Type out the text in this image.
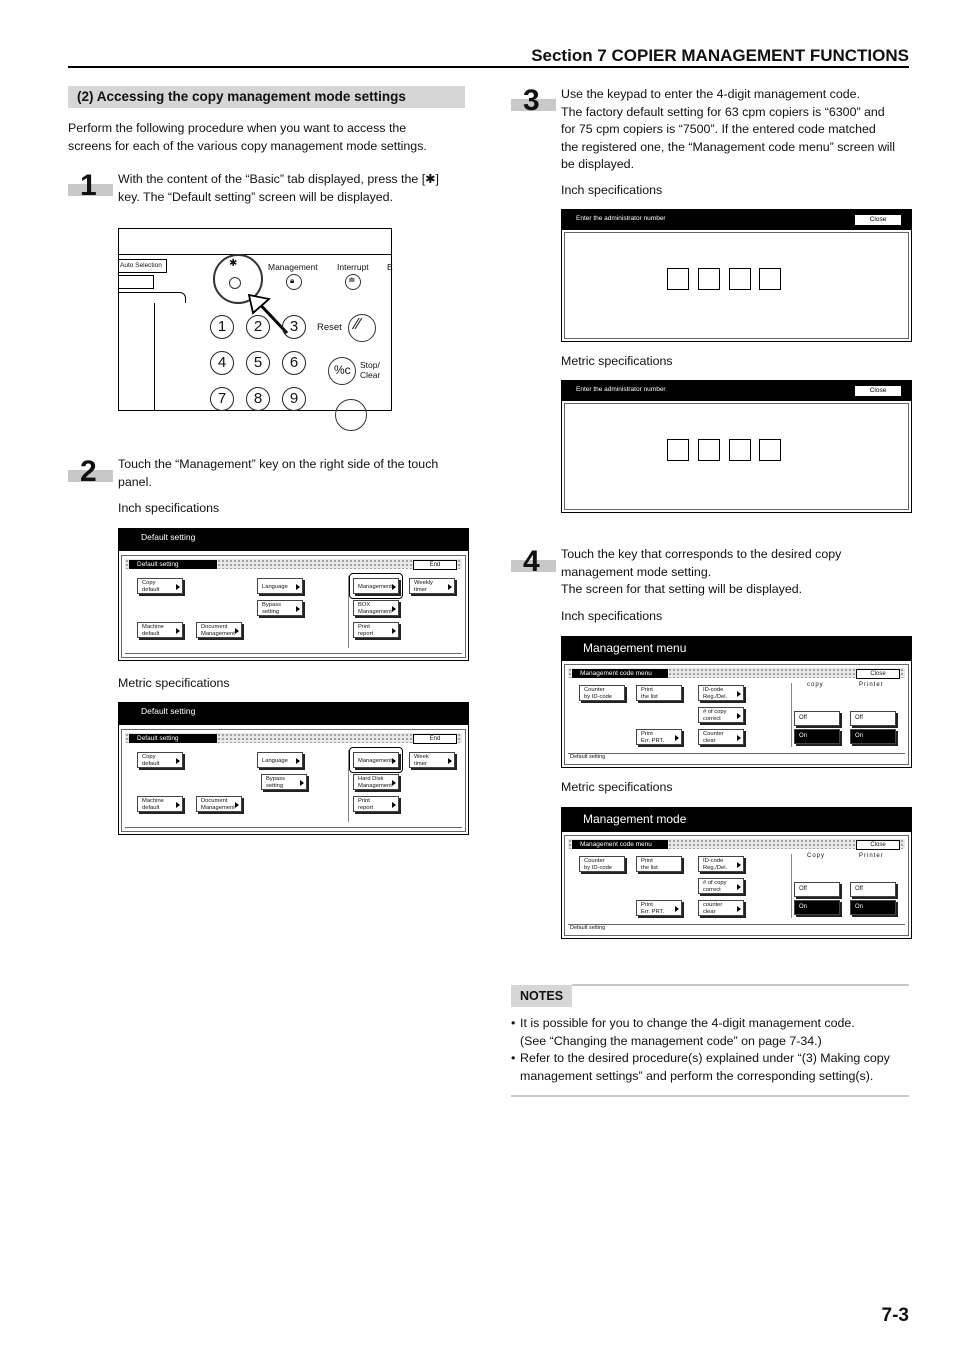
Section 7 COPIER MANAGEMENT FUNCTIONS
(2) Accessing the copy management mode settings
Perform the following procedure when you want to access the
screens for each of the various copy management mode settings.
1 With the content of the “Basic” tab displayed, press the [✱]
key. The “Default setting” screen will be displayed.
Auto Selection	✱	Management
🔒︎
Interrupt
≐
E
1	2	3
4	5	6
7	8	9
Reset ∕∕
%c Stop/
Clear
2 Touch the “Management” key on the right side of the touch
panel.
Inch specifications
Default setting
Default setting	End
Copy
default	Language	Management
Weekly
timer
Bypass
setting
BOX
Management
Machine
default
Document
Management
Print
report
Metric specifications
Default setting
Default setting	End
Copy
default	Language	Management
Week
timer
Bypass
setting
Hard Disk
Management
Machine
default
Document
Management
Print
report
3 Use the keypad to enter the 4-digit management code.
The factory default setting for 63 cpm copiers is “6300” and
for 75 cpm copiers is “7500”. If the entered code matched
the registered one, the “Management code menu” screen will
be displayed.
Inch specifications
Enter the administrator number	Close
Metric specifications
Enter the administrator number	Close
4 Touch the key that corresponds to the desired copy
management mode setting.
The screen for that setting will be displayed.
Inch specifications
Management menu
Management code menu	Close
Counter
by ID-code
Print
the list
ID-code
Reg./Del.
# of copy
correct
Print
Err. PRT.
Counter
clear
copy	Printer
Off
On
Off
On
Default setting
Metric specifications
Management mode
Management code menu	Close
Counter
by ID-code
Print
the list
ID-code
Reg./Del.
# of copy
correct
Print
Err. PRT.
counter
clear
Copy	Printer
Off
On
Off
On
Default setting
NOTES
• It is possible for you to change the 4-digit management code.
(See “Changing the management code” on page 7-34.)
• Refer to the desired procedure(s) explained under “(3) Making copy
management settings” and perform the corresponding setting(s).
7-3
